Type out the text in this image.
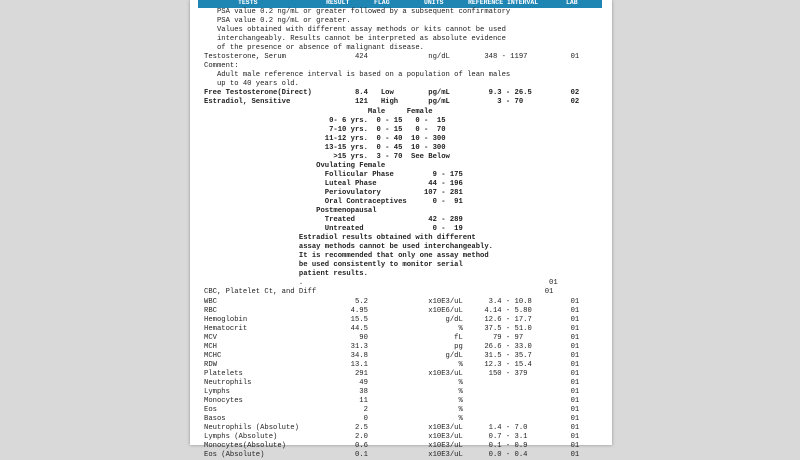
TESTS	RESULT	FLAG	UNITS	REFERENCE INTERVAL	LAB
PSA value 0.2 ng/mL or greater followed by a subsequent confirmatory
PSA value 0.2 ng/mL or greater.
Values obtained with different assay methods or kits cannot be used
interchangeably. Results cannot be interpreted as absolute evidence
of the presence or absence of malignant disease.
Testosterone, Serum                424              ng/dL        348 - 1197          01
Comment:
Adult male reference interval is based on a population of lean males
up to 40 years old.
Free Testosterone(Direct)          8.4   Low        pg/mL         9.3 - 26.5         02
Estradiol, Sensitive               121   High       pg/mL           3 - 70           02
Male     Female
0- 6 yrs.  0 - 15   0 -  15
7-10 yrs.  0 - 15   0 -  70
11-12 yrs.  0 - 40  10 - 300
13-15 yrs.  0 - 45  10 - 300
>15 yrs.  3 - 70  See Below
Ovulating Female
Follicular Phase         9 - 175
Luteal Phase            44 - 196
Periovulatory          107 - 281
Oral Contraceptives      0 -  91
Postmenopausal
Treated                 42 - 289
Untreated                0 -  19
Estradiol results obtained with different
assay methods cannot be used interchangeably.
It is recommended that only one assay method
be used consistently to monitor serial
patient results.
.                                                         01
CBC, Platelet Ct, and Diff                                                     01
WBC                                5.2              x10E3/uL      3.4 - 10.8         01
RBC                               4.95              x10E6/uL     4.14 - 5.80         01
Hemoglobin                        15.5                  g/dL     12.6 - 17.7         01
Hematocrit                        44.5                     %     37.5 - 51.0         01
MCV                                 90                    fL       79 - 97           01
MCH                               31.3                    pg     26.6 - 33.0         01
MCHC                              34.8                  g/dL     31.5 - 35.7         01
RDW                               13.1                     %     12.3 - 15.4         01
Platelets                          291              x10E3/uL      150 - 379          01
Neutrophils                         49                     %                         01
Lymphs                              38                     %                         01
Monocytes                           11                     %                         01
Eos                                  2                     %                         01
Basos                                0                     %                         01
Neutrophils (Absolute)             2.5              x10E3/uL      1.4 - 7.0          01
Lymphs (Absolute)                  2.0              x10E3/uL      0.7 - 3.1          01
Monocytes(Absolute)                0.6              x10E3/uL      0.1 - 0.9          01
Eos (Absolute)                     0.1              x10E3/uL      0.0 - 0.4          01
